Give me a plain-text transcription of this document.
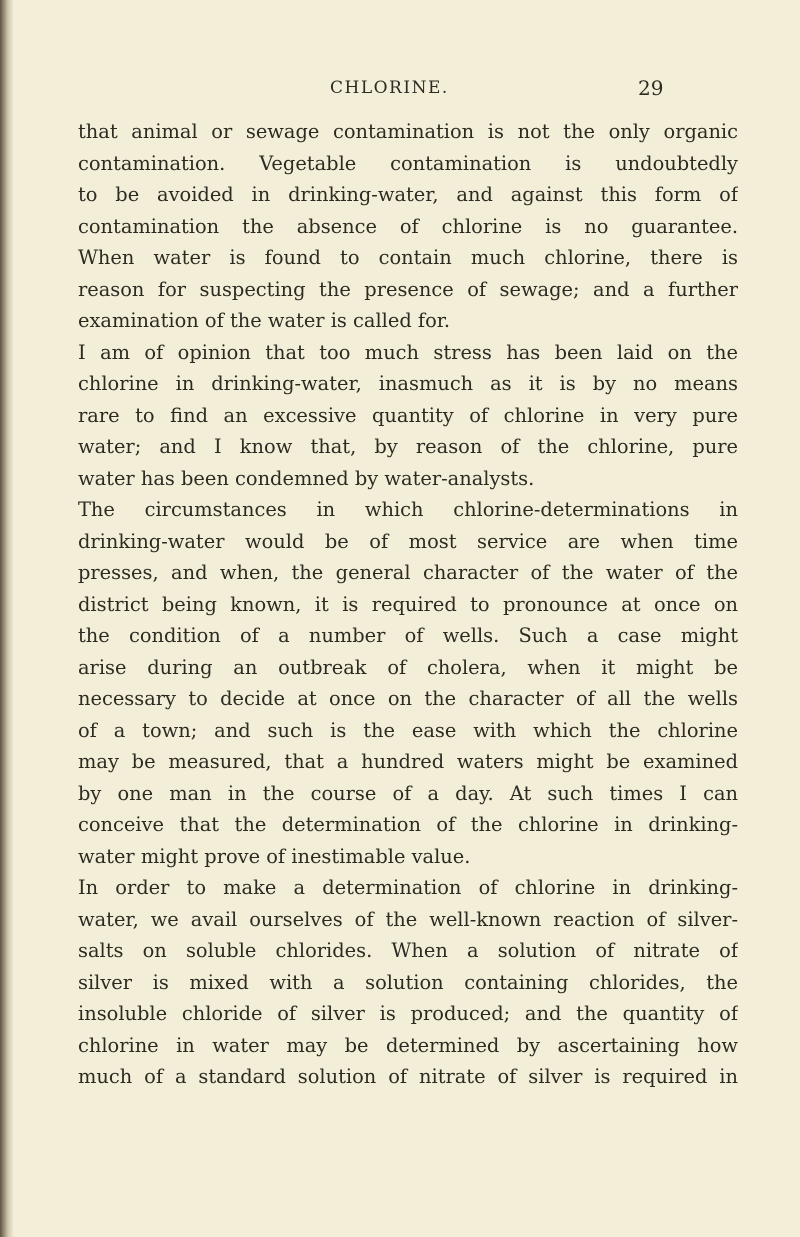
CHLORINE.	29
that animal or sewage contamination is not the only organic
contamination. Vegetable contamination is undoubtedly
to be avoided in drinking-water, and against this form of
contamination the absence of chlorine is no guarantee.
When water is found to contain much chlorine, there is
reason for suspecting the presence of sewage; and a further
examination of the water is called for.
I am of opinion that too much stress has been laid on the
chlorine in drinking-water, inasmuch as it is by no means
rare to find an excessive quantity of chlorine in very pure
water; and I know that, by reason of the chlorine, pure
water has been condemned by water-analysts.
The circumstances in which chlorine-determinations in
drinking-water would be of most service are when time
presses, and when, the general character of the water of the
district being known, it is required to pronounce at once on
the condition of a number of wells. Such a case might
arise during an outbreak of cholera, when it might be
necessary to decide at once on the character of all the wells
of a town; and such is the ease with which the chlorine
may be measured, that a hundred waters might be examined
by one man in the course of a day. At such times I can
conceive that the determination of the chlorine in drinking-
water might prove of inestimable value.
In order to make a determination of chlorine in drinking-
water, we avail ourselves of the well-known reaction of silver-
salts on soluble chlorides. When a solution of nitrate of
silver is mixed with a solution containing chlorides, the
insoluble chloride of silver is produced; and the quantity of
chlorine in water may be determined by ascertaining how
much of a standard solution of nitrate of silver is required in
